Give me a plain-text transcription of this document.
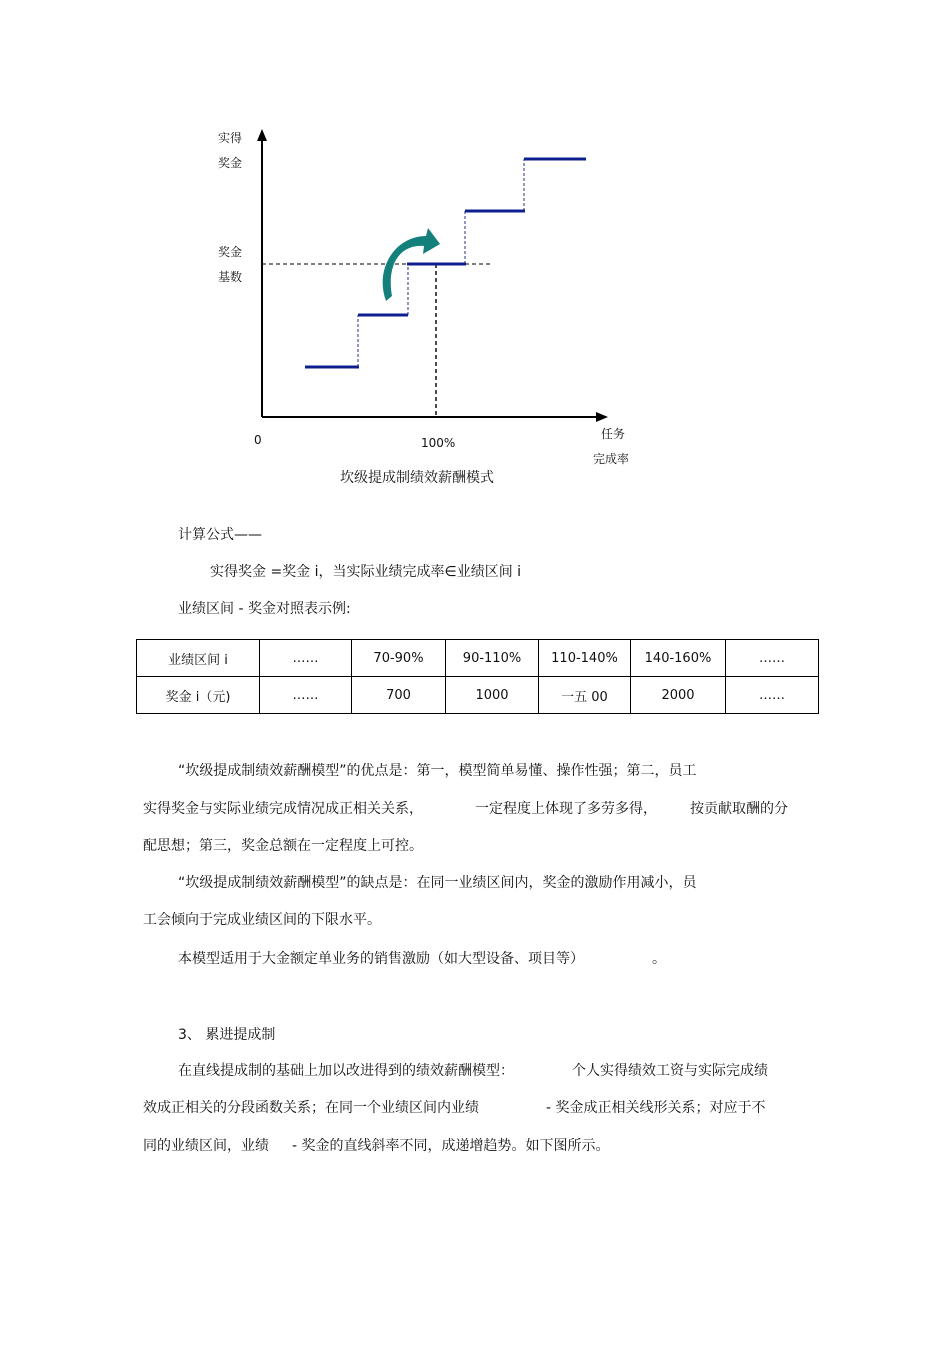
实得
奖金
奖金
基数
0	100%
任务
完成率
坎级提成制绩效薪酬模式
计算公式——
实得奖金 =奖金 i，当实际业绩完成率∈业绩区间 i
业绩区间 - 奖金对照表示例:
业绩区间 i	……	70-90%	90-110%	110-140%	140-160%	……
奖金 i（元)	……	700	1000	一五 00	2000	……
“坎级提成制绩效薪酬模型”的优点是：第一，模型简单易懂、操作性强；第二，员工
实得奖金与实际业绩完成情况成正相关关系，	一定程度上体现了多劳多得， 按贡献取酬的分
配思想；第三，奖金总额在一定程度上可控。
“坎级提成制绩效薪酬模型”的缺点是：在同一业绩区间内，奖金的激励作用减小，员
工会倾向于完成业绩区间的下限水平。
本模型适用于大金额定单业务的销售激励（如大型设备、项目等）	。
3、 累进提成制
在直线提成制的基础上加以改进得到的绩效薪酬模型：	个人实得绩效工资与实际完成绩
效成正相关的分段函数关系；在同一个业绩区间内业绩	- 奖金成正相关线形关系；对应于不
同的业绩区间，业绩 - 奖金的直线斜率不同，成递增趋势。如下图所示。
